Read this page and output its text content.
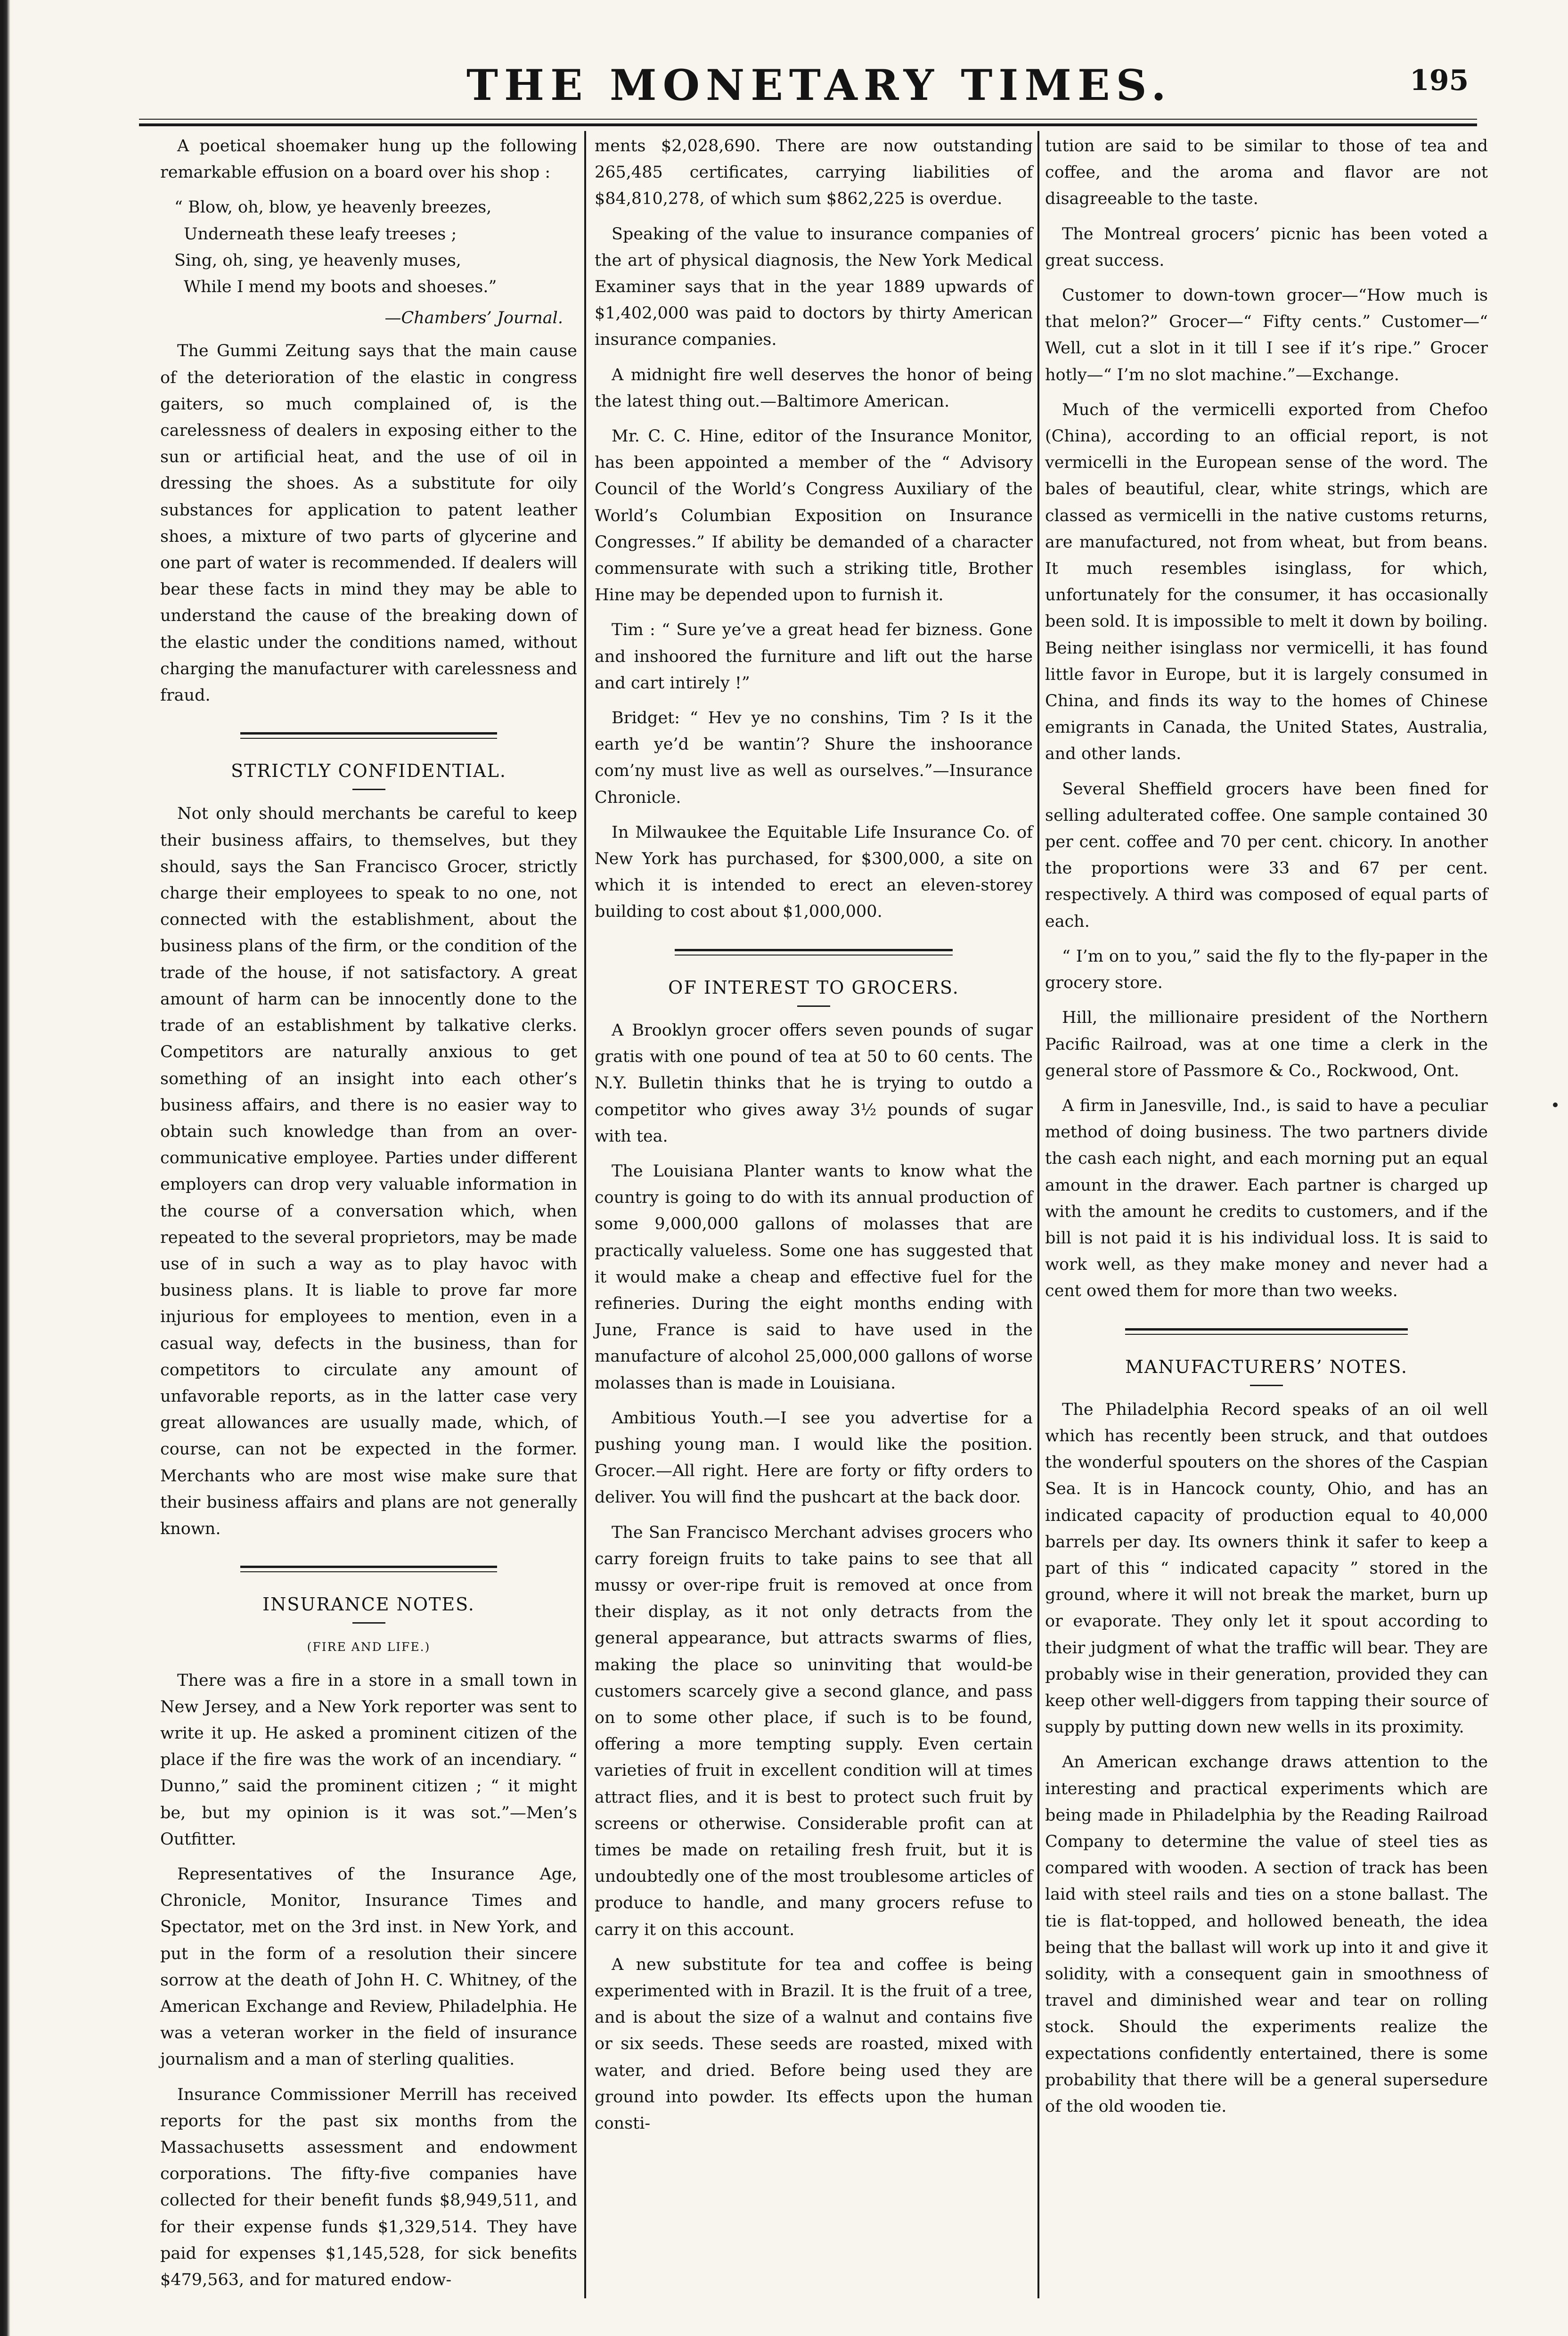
THE MONETARY TIMES.	195

A poetical shoemaker hung up the following remarkable effusion on a board over his shop :

“ Blow, oh, blow, ye heavenly breezes,
Underneath these leafy treeses ;
Sing, oh, sing, ye heavenly muses,
While I mend my boots and shoeses.”
—Chambers’ Journal.

The Gummi Zeitung says that the main cause of the deterioration of the elastic in congress gaiters, so much complained of, is the carelessness of dealers in exposing either to the sun or artificial heat, and the use of oil in dressing the shoes. As a substitute for oily substances for application to patent leather shoes, a mixture of two parts of glycerine and one part of water is recommended. If dealers will bear these facts in mind they may be able to understand the cause of the breaking down of the elastic under the conditions named, without charging the manufacturer with carelessness and fraud.

STRICTLY CONFIDENTIAL.

Not only should merchants be careful to keep their business affairs, to themselves, but they should, says the San Francisco Grocer, strictly charge their employees to speak to no one, not connected with the establishment, about the business plans of the firm, or the condition of the trade of the house, if not satisfactory. A great amount of harm can be innocently done to the trade of an establishment by talkative clerks. Competitors are naturally anxious to get something of an insight into each other’s business affairs, and there is no easier way to obtain such knowledge than from an over-communicative employee. Parties under different employers can drop very valuable information in the course of a conversation which, when repeated to the several proprietors, may be made use of in such a way as to play havoc with business plans. It is liable to prove far more injurious for employees to mention, even in a casual way, defects in the business, than for competitors to circulate any amount of unfavorable reports, as in the latter case very great allowances are usually made, which, of course, can not be expected in the former. Merchants who are most wise make sure that their business affairs and plans are not generally known.

INSURANCE NOTES.
(FIRE AND LIFE.)

There was a fire in a store in a small town in New Jersey, and a New York reporter was sent to write it up. He asked a prominent citizen of the place if the fire was the work of an incendiary. “ Dunno,” said the prominent citizen ; “ it might be, but my opinion is it was sot.”—Men’s Outfitter.

Representatives of the Insurance Age, Chronicle, Monitor, Insurance Times and Spectator, met on the 3rd inst. in New York, and put in the form of a resolution their sincere sorrow at the death of John H. C. Whitney, of the American Exchange and Review, Philadelphia. He was a veteran worker in the field of insurance journalism and a man of sterling qualities.

Insurance Commissioner Merrill has received reports for the past six months from the Massachusetts assessment and endowment corporations. The fifty-five companies have collected for their benefit funds $8,949,511, and for their expense funds $1,329,514. They have paid for expenses $1,145,528, for sick benefits $479,563, and for matured endow-

ments $2,028,690. There are now outstanding 265,485 certificates, carrying liabilities of $84,810,278, of which sum $862,225 is overdue.

Speaking of the value to insurance companies of the art of physical diagnosis, the New York Medical Examiner says that in the year 1889 upwards of $1,402,000 was paid to doctors by thirty American insurance companies.

A midnight fire well deserves the honor of being the latest thing out.—Baltimore American.

Mr. C. C. Hine, editor of the Insurance Monitor, has been appointed a member of the “ Advisory Council of the World’s Congress Auxiliary of the World’s Columbian Exposition on Insurance Congresses.” If ability be demanded of a character commensurate with such a striking title, Brother Hine may be depended upon to furnish it.

Tim : “ Sure ye’ve a great head fer bizness. Gone and inshoored the furniture and lift out the harse and cart intirely !”

Bridget: “ Hev ye no conshins, Tim ? Is it the earth ye’d be wantin’? Shure the inshoorance com’ny must live as well as ourselves.”—Insurance Chronicle.

In Milwaukee the Equitable Life Insurance Co. of New York has purchased, for $300,000, a site on which it is intended to erect an eleven-storey building to cost about $1,000,000.

OF INTEREST TO GROCERS.

A Brooklyn grocer offers seven pounds of sugar gratis with one pound of tea at 50 to 60 cents. The N.Y. Bulletin thinks that he is trying to outdo a competitor who gives away 3½ pounds of sugar with tea.

The Louisiana Planter wants to know what the country is going to do with its annual production of some 9,000,000 gallons of molasses that are practically valueless. Some one has suggested that it would make a cheap and effective fuel for the refineries. During the eight months ending with June, France is said to have used in the manufacture of alcohol 25,000,000 gallons of worse molasses than is made in Louisiana.

Ambitious Youth.—I see you advertise for a pushing young man. I would like the position. Grocer.—All right. Here are forty or fifty orders to deliver. You will find the pushcart at the back door.

The San Francisco Merchant advises grocers who carry foreign fruits to take pains to see that all mussy or over-ripe fruit is removed at once from their display, as it not only detracts from the general appearance, but attracts swarms of flies, making the place so uninviting that would-be customers scarcely give a second glance, and pass on to some other place, if such is to be found, offering a more tempting supply. Even certain varieties of fruit in excellent condition will at times attract flies, and it is best to protect such fruit by screens or otherwise. Considerable profit can at times be made on retailing fresh fruit, but it is undoubtedly one of the most troublesome articles of produce to handle, and many grocers refuse to carry it on this account.

A new substitute for tea and coffee is being experimented with in Brazil. It is the fruit of a tree, and is about the size of a walnut and contains five or six seeds. These seeds are roasted, mixed with water, and dried. Before being used they are ground into powder. Its effects upon the human consti-

tution are said to be similar to those of tea and coffee, and the aroma and flavor are not disagreeable to the taste.

The Montreal grocers’ picnic has been voted a great success.

Customer to down-town grocer—“How much is that melon?” Grocer—“ Fifty cents.” Customer—“ Well, cut a slot in it till I see if it’s ripe.” Grocer hotly—“ I’m no slot machine.”—Exchange.

Much of the vermicelli exported from Chefoo (China), according to an official report, is not vermicelli in the European sense of the word. The bales of beautiful, clear, white strings, which are classed as vermicelli in the native customs returns, are manufactured, not from wheat, but from beans. It much resembles isinglass, for which, unfortunately for the consumer, it has occasionally been sold. It is impossible to melt it down by boiling. Being neither isinglass nor vermicelli, it has found little favor in Europe, but it is largely consumed in China, and finds its way to the homes of Chinese emigrants in Canada, the United States, Australia, and other lands.

Several Sheffield grocers have been fined for selling adulterated coffee. One sample contained 30 per cent. coffee and 70 per cent. chicory. In another the proportions were 33 and 67 per cent. respectively. A third was composed of equal parts of each.

“ I’m on to you,” said the fly to the fly-paper in the grocery store.

Hill, the millionaire president of the Northern Pacific Railroad, was at one time a clerk in the general store of Passmore & Co., Rockwood, Ont.

A firm in Janesville, Ind., is said to have a peculiar method of doing business. The two partners divide the cash each night, and each morning put an equal amount in the drawer. Each partner is charged up with the amount he credits to customers, and if the bill is not paid it is his individual loss. It is said to work well, as they make money and never had a cent owed them for more than two weeks.

MANUFACTURERS’ NOTES.

The Philadelphia Record speaks of an oil well which has recently been struck, and that outdoes the wonderful spouters on the shores of the Caspian Sea. It is in Hancock county, Ohio, and has an indicated capacity of production equal to 40,000 barrels per day. Its owners think it safer to keep a part of this “ indicated capacity ” stored in the ground, where it will not break the market, burn up or evaporate. They only let it spout according to their judgment of what the traffic will bear. They are probably wise in their generation, provided they can keep other well-diggers from tapping their source of supply by putting down new wells in its proximity.

An American exchange draws attention to the interesting and practical experiments which are being made in Philadelphia by the Reading Railroad Company to determine the value of steel ties as compared with wooden. A section of track has been laid with steel rails and ties on a stone ballast. The tie is flat-topped, and hollowed beneath, the idea being that the ballast will work up into it and give it solidity, with a consequent gain in smoothness of travel and diminished wear and tear on rolling stock. Should the experiments realize the expectations confidently entertained, there is some probability that there will be a general supersedure of the old wooden tie.
